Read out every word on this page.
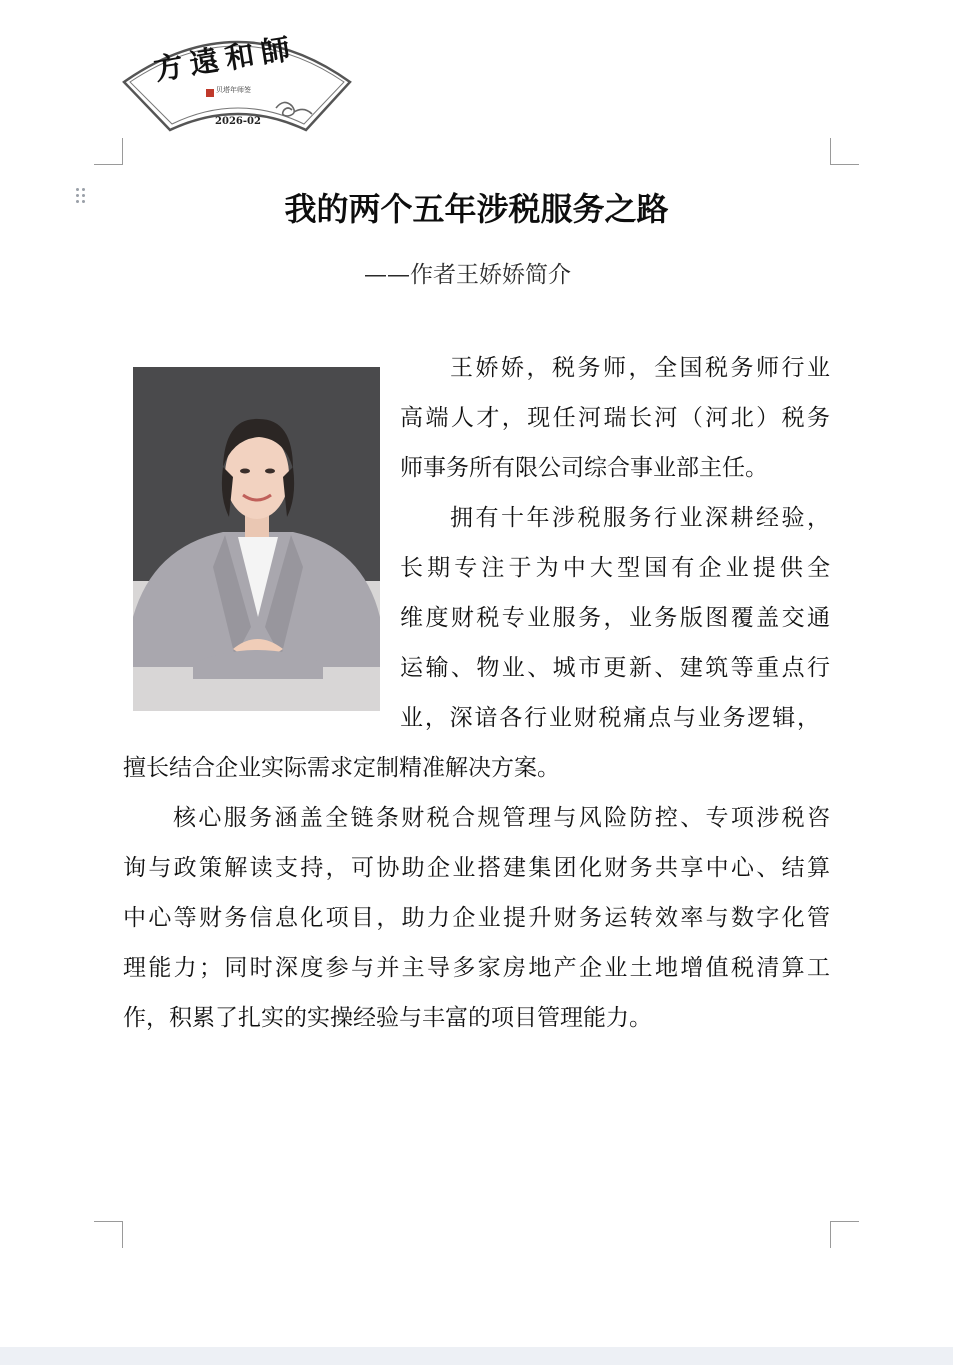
方遠和師
贝塔年师签
2026-02
我的两个五年涉税服务之路
——作者王娇娇简介
王娇娇，税务师，全国税务师行业
高端人才，现任河瑞长河（河北）税务
师事务所有限公司综合事业部主任。
拥有十年涉税服务行业深耕经验，
长期专注于为中大型国有企业提供全
维度财税专业服务，业务版图覆盖交通
运输、物业、城市更新、建筑等重点行
业，深谙各行业财税痛点与业务逻辑，
擅长结合企业实际需求定制精准解决方案。
核心服务涵盖全链条财税合规管理与风险防控、专项涉税咨
询与政策解读支持，可协助企业搭建集团化财务共享中心、结算
中心等财务信息化项目，助力企业提升财务运转效率与数字化管
理能力；同时深度参与并主导多家房地产企业土地增值税清算工
作，积累了扎实的实操经验与丰富的项目管理能力。
